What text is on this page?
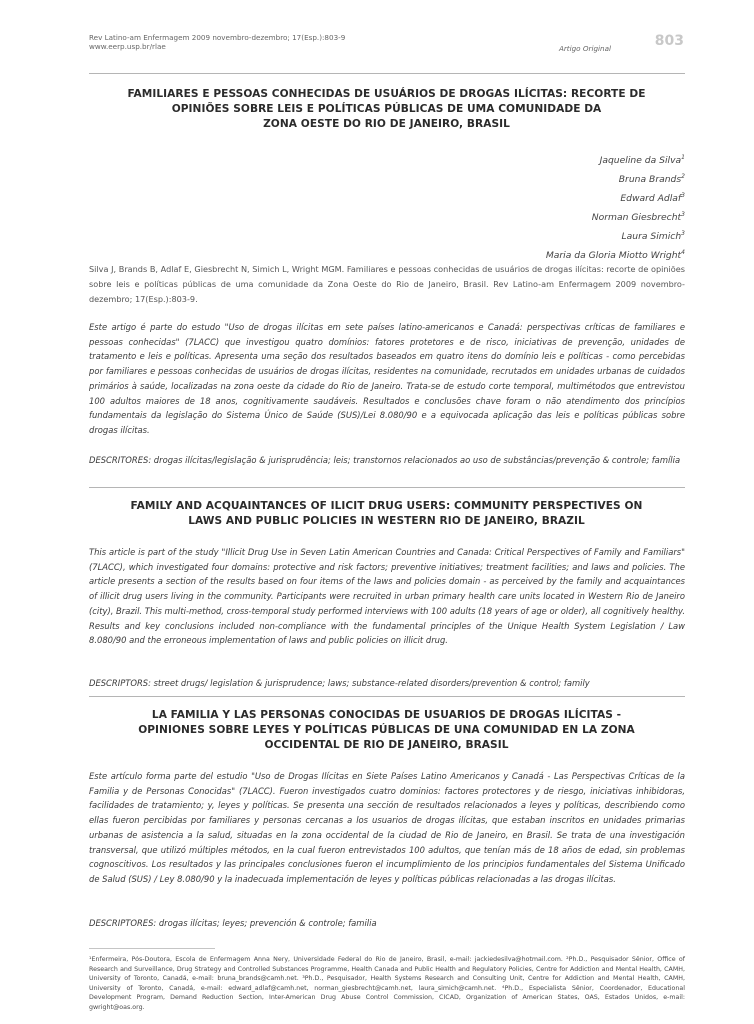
Rev Latino-am Enfermagem 2009 novembro-dezembro; 17(Esp.):803-9
www.eerp.usp.br/rlae	Artigo Original	803
FAMILIARES E PESSOAS CONHECIDAS DE USUÁRIOS DE DROGAS ILÍCITAS: RECORTE DE
OPINIÕES SOBRE LEIS E POLÍTICAS PÚBLICAS DE UMA COMUNIDADE DA
ZONA OESTE DO RIO DE JANEIRO, BRASIL
Jaqueline da Silva$^1$
Bruna Brands$^2$
Edward Adlaf$^3$
Norman Giesbrecht$^3$
Laura Simich$^3$
Maria da Gloria Miotto Wright$^4$
Silva J, Brands B, Adlaf E, Giesbrecht N, Simich L, Wright MGM. Familiares e pessoas conhecidas de usuários de drogas ilícitas: recorte de opiniões sobre leis e políticas públicas de uma comunidade da Zona Oeste do Rio de Janeiro, Brasil. Rev Latino-am Enfermagem 2009 novembro-dezembro; 17(Esp.):803-9.
Este artigo é parte do estudo "Uso de drogas ilícitas em sete países latino-americanos e Canadá: perspectivas críticas de familiares e pessoas conhecidas" (7LACC) que investigou quatro domínios: fatores protetores e de risco, iniciativas de prevenção, unidades de tratamento e leis e políticas. Apresenta uma seção dos resultados baseados em quatro itens do domínio leis e políticas - como percebidas por familiares e pessoas conhecidas de usuários de drogas ilícitas, residentes na comunidade, recrutados em unidades urbanas de cuidados primários à saúde, localizadas na zona oeste da cidade do Rio de Janeiro. Trata-se de estudo corte temporal, multimétodos que entrevistou 100 adultos maiores de 18 anos, cognitivamente saudáveis. Resultados e conclusões chave foram o não atendimento dos princípios fundamentais da legislação do Sistema Único de Saúde (SUS)/Lei 8.080/90 e a equivocada aplicação das leis e políticas públicas sobre drogas ilícitas.
DESCRITORES: drogas ilícitas/legislação & jurisprudência; leis; transtornos relacionados ao uso de substâncias/prevenção & controle; família
FAMILY AND ACQUAINTANCES OF ILICIT DRUG USERS: COMMUNITY PERSPECTIVES ON
LAWS AND PUBLIC POLICIES IN WESTERN RIO DE JANEIRO, BRAZIL
This article is part of the study "Illicit Drug Use in Seven Latin American Countries and Canada: Critical Perspectives of Family and Familiars" (7LACC), which investigated four domains: protective and risk factors; preventive initiatives; treatment facilities; and laws and policies. The article presents a section of the results based on four items of the laws and policies domain - as perceived by the family and acquaintances of illicit drug users living in the community. Participants were recruited in urban primary health care units located in Western Rio de Janeiro (city), Brazil. This multi-method, cross-temporal study performed interviews with 100 adults (18 years of age or older), all cognitively healthy. Results and key conclusions included non-compliance with the fundamental principles of the Unique Health System Legislation / Law 8.080/90 and the erroneous implementation of laws and public policies on illicit drug.
DESCRIPTORS: street drugs/ legislation & jurisprudence; laws; substance-related disorders/prevention & control; family
LA FAMILIA Y LAS PERSONAS CONOCIDAS DE USUARIOS DE DROGAS ILÍCITAS -
OPINIONES SOBRE LEYES Y POLÍTICAS PÚBLICAS DE UNA COMUNIDAD EN LA ZONA
OCCIDENTAL DE RIO DE JANEIRO, BRASIL
Este artículo forma parte del estudio "Uso de Drogas Ilícitas en Siete Países Latino Americanos y Canadá - Las Perspectivas Críticas de la Familia y de Personas Conocidas" (7LACC). Fueron investigados cuatro dominios: factores protectores y de riesgo, iniciativas inhibidoras, facilidades de tratamiento; y, leyes y políticas. Se presenta una sección de resultados relacionados a leyes y políticas, describiendo como ellas fueron percibidas por familiares y personas cercanas a los usuarios de drogas ilícitas, que estaban inscritos en unidades primarias urbanas de asistencia a la salud, situadas en la zona occidental de la ciudad de Rio de Janeiro, en Brasil. Se trata de una investigación transversal, que utilizó múltiples métodos, en la cual fueron entrevistados 100 adultos, que tenían más de 18 años de edad, sin problemas cognoscitivos. Los resultados y las principales conclusiones fueron el incumplimiento de los principios fundamentales del Sistema Unificado de Salud (SUS) / Ley 8.080/90 y la inadecuada implementación de leyes y políticas públicas relacionadas a las drogas ilícitas.
DESCRIPTORES: drogas ilícitas; leyes; prevención & controle; familia
¹Enfermeira, Pós-Doutora, Escola de Enfermagem Anna Nery, Universidade Federal do Rio de Janeiro, Brasil, e-mail: jackiedesilva@hotmail.com. ²Ph.D., Pesquisador Sênior, Office of Research and Surveillance, Drug Strategy and Controlled Substances Programme, Health Canada and Public Health and Regulatory Policies, Centre for Addiction and Mental Health, CAMH, University of Toronto, Canadá, e-mail: bruna_brands@camh.net. ³Ph.D., Pesquisador, Health Systems Research and Consulting Unit, Centre for Addiction and Mental Health, CAMH, University of Toronto, Canadá, e-mail: edward_adlaf@camh.net, norman_giesbrecht@camh.net, laura_simich@camh.net. ⁴Ph.D., Especialista Sênior, Coordenador, Educational Development Program, Demand Reduction Section, Inter-American Drug Abuse Control Commission, CICAD, Organization of American States, OAS, Estados Unidos, e-mail: gwright@oas.org.
